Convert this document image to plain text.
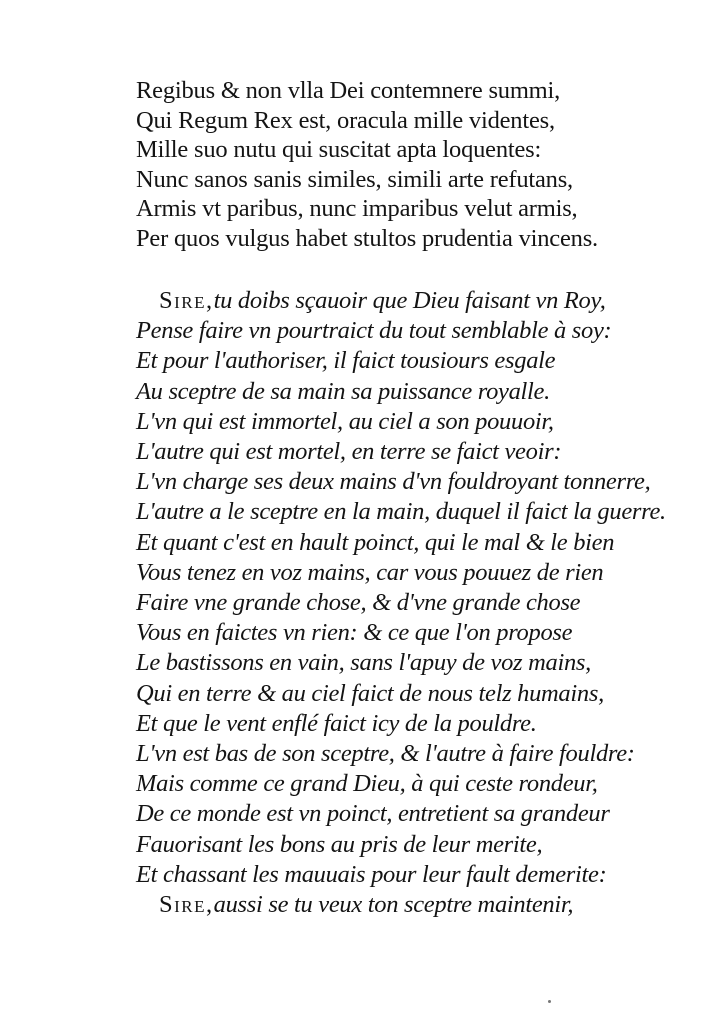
Regibus & non vlla Dei contemnere summi,
Qui Regum Rex est, oracula mille videntes,
Mille suo nutu qui suscitat apta loquentes:
Nunc sanos sanis similes, simili arte refutans,
Armis vt paribus, nunc imparibus velut armis,
Per quos vulgus habet stultos prudentia vincens.
Sire,tu doibs sçauoir que Dieu faisant vn Roy,
Pense faire vn pourtraict du tout semblable à soy:
Et pour l'authoriser, il faict tousiours esgale
Au sceptre de sa main sa puissance royalle.
L'vn qui est immortel, au ciel a son pouuoir,
L'autre qui est mortel, en terre se faict veoir:
L'vn charge ses deux mains d'vn fouldroyant tonnerre,
L'autre a le sceptre en la main, duquel il faict la guerre.
Et quant c'est en hault poinct, qui le mal & le bien
Vous tenez en voz mains, car vous pouuez de rien
Faire vne grande chose, & d'vne grande chose
Vous en faictes vn rien: & ce que l'on propose
Le bastissons en vain, sans l'apuy de voz mains,
Qui en terre & au ciel faict de nous telz humains,
Et que le vent enflé faict icy de la pouldre.
L'vn est bas de son sceptre, & l'autre à faire fouldre:
Mais comme ce grand Dieu, à qui ceste rondeur,
De ce monde est vn poinct, entretient sa grandeur
Fauorisant les bons au pris de leur merite,
Et chassant les mauuais pour leur fault demerite:
Sire,aussi se tu veux ton sceptre maintenir,
